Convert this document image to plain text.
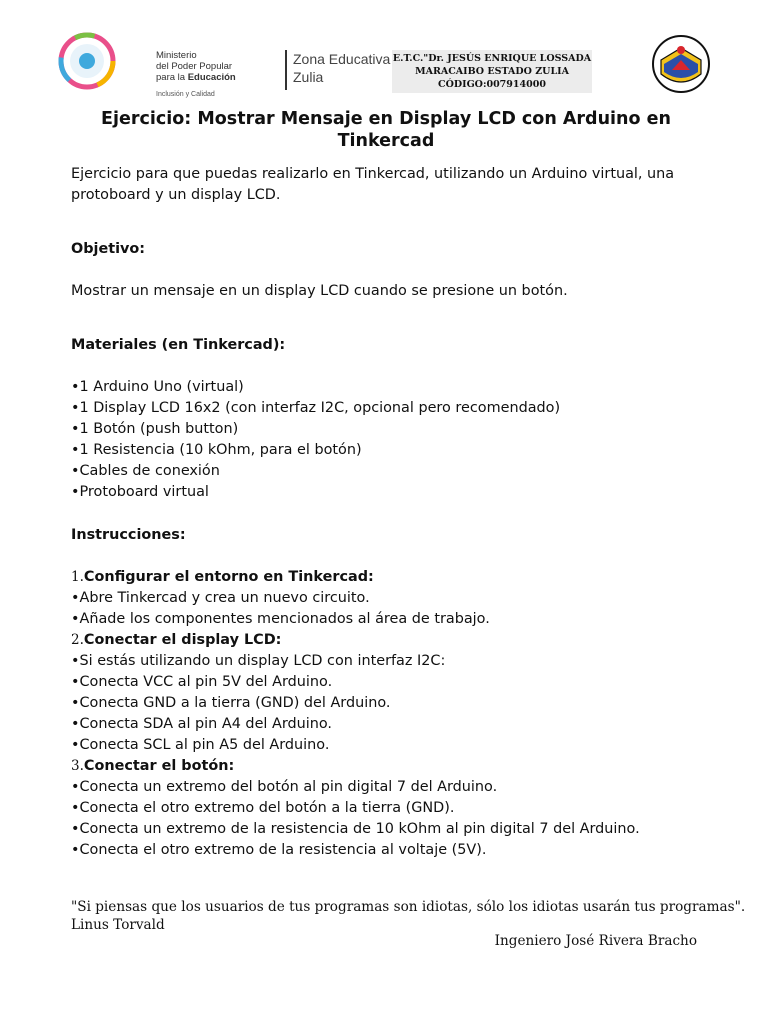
Ministerio
del Poder Popular
para la Educación
Inclusión y Calidad
Zona Educativa
Zulia
E.T.C."Dr. JESÚS ENRIQUE LOSSADA
MARACAIBO ESTADO ZULIA
CÓDIGO:007914000
Ejercicio: Mostrar Mensaje en Display LCD con Arduino en Tinkercad

Ejercicio para que puedas realizarlo en Tinkercad, utilizando un Arduino virtual, una protoboard y un display LCD.

Objetivo:

Mostrar un mensaje en un display LCD cuando se presione un botón.

Materiales (en Tinkercad):

•1 Arduino Uno (virtual)

•1 Display LCD 16x2 (con interfaz I2C, opcional pero recomendado)

•1 Botón (push button)

•1 Resistencia (10 kOhm, para el botón)

•Cables de conexión

•Protoboard virtual

Instrucciones:

1.Configurar el entorno en Tinkercad:

•Abre Tinkercad y crea un nuevo circuito.

•Añade los componentes mencionados al área de trabajo.

2.Conectar el display LCD:

•Si estás utilizando un display LCD con interfaz I2C:

•Conecta VCC al pin 5V del Arduino.

•Conecta GND a la tierra (GND) del Arduino.

•Conecta SDA al pin A4 del Arduino.

•Conecta SCL al pin A5 del Arduino.

3.Conectar el botón:

•Conecta un extremo del botón al pin digital 7 del Arduino.

•Conecta el otro extremo del botón a la tierra (GND).

•Conecta un extremo de la resistencia de 10 kOhm al pin digital 7 del Arduino.

•Conecta el otro extremo de la resistencia al voltaje (5V).

"Si piensas que los usuarios de tus programas son idiotas, sólo los idiotas usarán tus programas".
Linus Torvald
Ingeniero José Rivera Bracho
